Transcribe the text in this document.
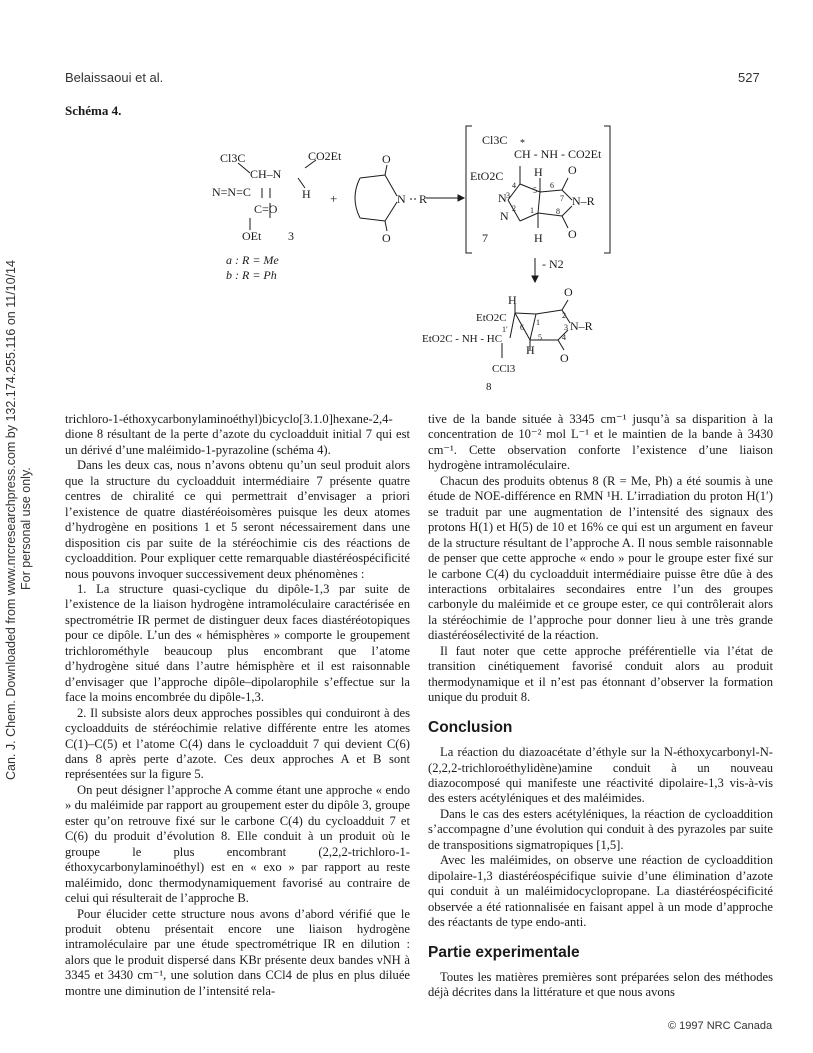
Belaissaoui et al.	527
Schéma 4.
Can. J. Chem. Downloaded from www.nrcresearchpress.com by 132.174.255.116 on 11/10/14 For personal use only.
Cl3C
CH–N
CO2Et
N=N=C	H
C=O
OEt 3
+
O
N R
O
a : R = Me
b : R = Ph
Cl3C
CH - NH - CO2Et
*
H
EtO2C	O
N–R
O
H
7
N
N
3
2
4
5
6
7
8
1
- N2
H
O
EtO2C
N–R
EtO2C - NH - HC
H
O
CCl3
8
1
2
3
4
5
6
1′

trichloro-1-éthoxycarbonylaminoéthyl)bicyclo[3.1.0]hexane-2,4-dione 8 résultant de la perte d’azote du cycloadduit initial 7 qui est un dérivé d’une maléimido-1-pyrazoline (schéma 4).

Dans les deux cas, nous n’avons obtenu qu’un seul produit alors que la structure du cycloadduit intermédiaire 7 présente quatre centres de chiralité ce qui permettrait d’envisager a priori l’existence de quatre diastéréoisomères puisque les deux atomes d’hydrogène en positions 1 et 5 seront nécessairement dans une disposition cis par suite de la stéréochimie cis des réactions de cycloaddition. Pour expliquer cette remarquable diastéréospécificité nous pouvons invoquer successivement deux phénomènes :

1. La structure quasi-cyclique du dipôle-1,3 par suite de l’existence de la liaison hydrogène intramoléculaire caractérisée en spectrométrie IR permet de distinguer deux faces diastéréotopiques pour ce dipôle. L’un des « hémisphères » comporte le groupement trichlorométhyle beaucoup plus encombrant que l’atome d’hydrogène situé dans l’autre hémisphère et il est raisonnable d’envisager que l’approche dipôle–dipolarophile s’effectue sur la face la moins encombrée du dipôle-1,3.

2. Il subsiste alors deux approches possibles qui conduiront à des cycloadduits de stéréochimie relative différente entre les atomes C(1)–C(5) et l’atome C(4) dans le cycloadduit 7 qui devient C(6) dans 8 après perte d’azote. Ces deux approches A et B sont représentées sur la figure 5.

On peut désigner l’approche A comme étant une approche « endo » du maléimide par rapport au groupement ester du dipôle 3, groupe ester qu’on retrouve fixé sur le carbone C(4) du cycloadduit 7 et C(6) du produit d’évolution 8. Elle conduit à un produit où le groupe le plus encombrant (2,2,2-trichloro-1-éthoxycarbonylaminoéthyl) est en « exo » par rapport au reste maléimido, donc thermodynamiquement favorisé au contraire de celui qui résulterait de l’approche B.

Pour élucider cette structure nous avons d’abord vérifié que le produit obtenu présentait encore une liaison hydrogène intramoléculaire par une étude spectrométrique IR en dilution : alors que le produit dispersé dans KBr présente deux bandes νNH à 3345 et 3430 cm⁻¹, une solution dans CCl4 de plus en plus diluée montre une diminution de l’intensité rela-

tive de la bande située à 3345 cm⁻¹ jusqu’à sa disparition à la concentration de 10⁻² mol L⁻¹ et le maintien de la bande à 3430 cm⁻¹. Cette observation conforte l’existence d’une liaison hydrogène intramoléculaire.

Chacun des produits obtenus 8 (R = Me, Ph) a été soumis à une étude de NOE-différence en RMN ¹H. L’irradiation du proton H(1′) se traduit par une augmentation de l’intensité des signaux des protons H(1) et H(5) de 10 et 16% ce qui est un argument en faveur de la structure résultant de l’approche A. Il nous semble raisonnable de penser que cette approche « endo » pour le groupe ester fixé sur le carbone C(4) du cycloadduit intermédiaire puisse être dûe à des interactions orbitalaires secondaires entre l’un des groupes carbonyle du maléimide et ce groupe ester, ce qui contrôlerait alors la stéréochimie de l’approche pour donner lieu à une très grande diastéréosélectivité de la réaction.

Il faut noter que cette approche préférentielle via l’état de transition cinétiquement favorisé conduit alors au produit thermodynamique et il n’est pas étonnant d’observer la formation unique du produit 8.

Conclusion

La réaction du diazoacétate d’éthyle sur la N-éthoxycarbonyl-N-(2,2,2-trichloroéthylidène)amine conduit à un nouveau diazocomposé qui manifeste une réactivité dipolaire-1,3 vis-à-vis des esters acétyléniques et des maléimides.

Dans le cas des esters acétyléniques, la réaction de cycloaddition s’accompagne d’une évolution qui conduit à des pyrazoles par suite de transpositions sigmatropiques [1,5].

Avec les maléimides, on observe une réaction de cycloaddition dipolaire-1,3 diastéréospécifique suivie d’une élimination d’azote qui conduit à un maléimidocyclopropane. La diastéréospécificité observée a été rationnalisée en faisant appel à un mode d’approche des réactants de type endo-anti.

Partie experimentale

Toutes les matières premières sont préparées selon des méthodes déjà décrites dans la littérature et que nous avons

© 1997 NRC Canada
